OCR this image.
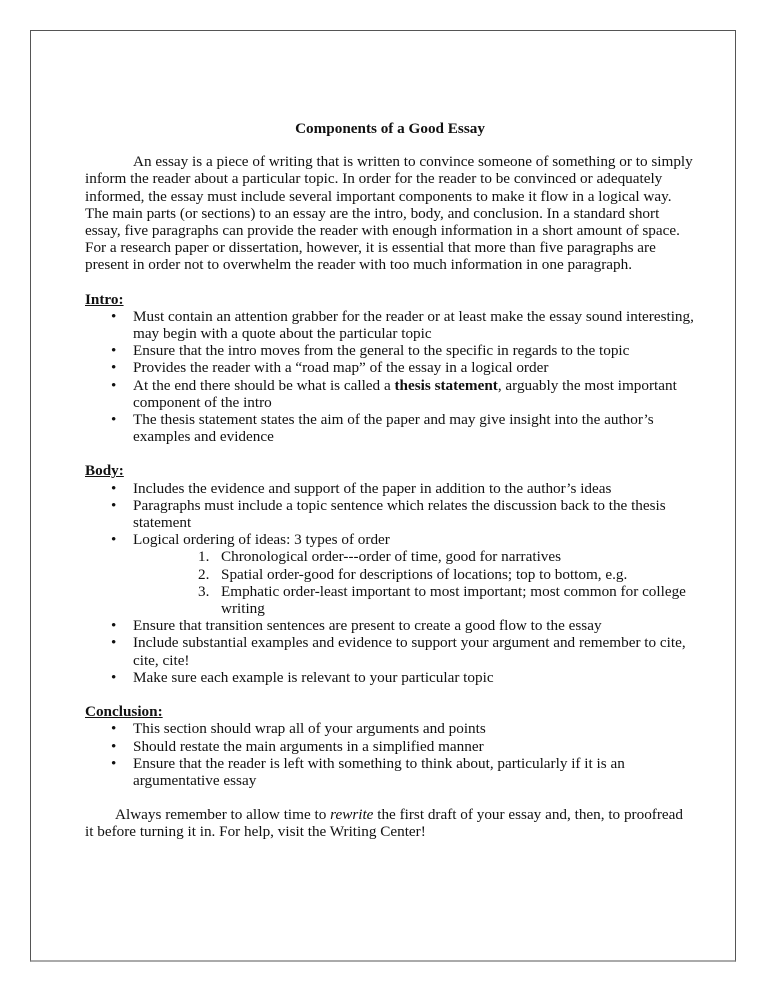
Components of a Good Essay

An essay is a piece of writing that is written to convince someone of something or to simply inform the reader about a particular topic. In order for the reader to be convinced or adequately informed, the essay must include several important components to make it flow in a logical way. The main parts (or sections) to an essay are the intro, body, and conclusion. In a standard short essay, five paragraphs can provide the reader with enough information in a short amount of space. For a research paper or dissertation, however, it is essential that more than five paragraphs are present in order not to overwhelm the reader with too much information in one paragraph.

Intro:
• Must contain an attention grabber for the reader or at least make the essay sound interesting, may begin with a quote about the particular topic
• Ensure that the intro moves from the general to the specific in regards to the topic
• Provides the reader with a “road map” of the essay in a logical order
• At the end there should be what is called a thesis statement, arguably the most important component of the intro
• The thesis statement states the aim of the paper and may give insight into the author’s examples and evidence
Body:
• Includes the evidence and support of the paper in addition to the author’s ideas
• Paragraphs must include a topic sentence which relates the discussion back to the thesis statement
• Logical ordering of ideas: 3 types of order
1. Chronological order---order of time, good for narratives
2. Spatial order-good for descriptions of locations; top to bottom, e.g.
3. Emphatic order-least important to most important; most common for college writing
• Ensure that transition sentences are present to create a good flow to the essay
• Include substantial examples and evidence to support your argument and remember to cite, cite, cite!
• Make sure each example is relevant to your particular topic
Conclusion:
• This section should wrap all of your arguments and points
• Should restate the main arguments in a simplified manner
• Ensure that the reader is left with something to think about, particularly if it is an argumentative essay

Always remember to allow time to rewrite the first draft of your essay and, then, to proofread it before turning it in. For help, visit the Writing Center!
